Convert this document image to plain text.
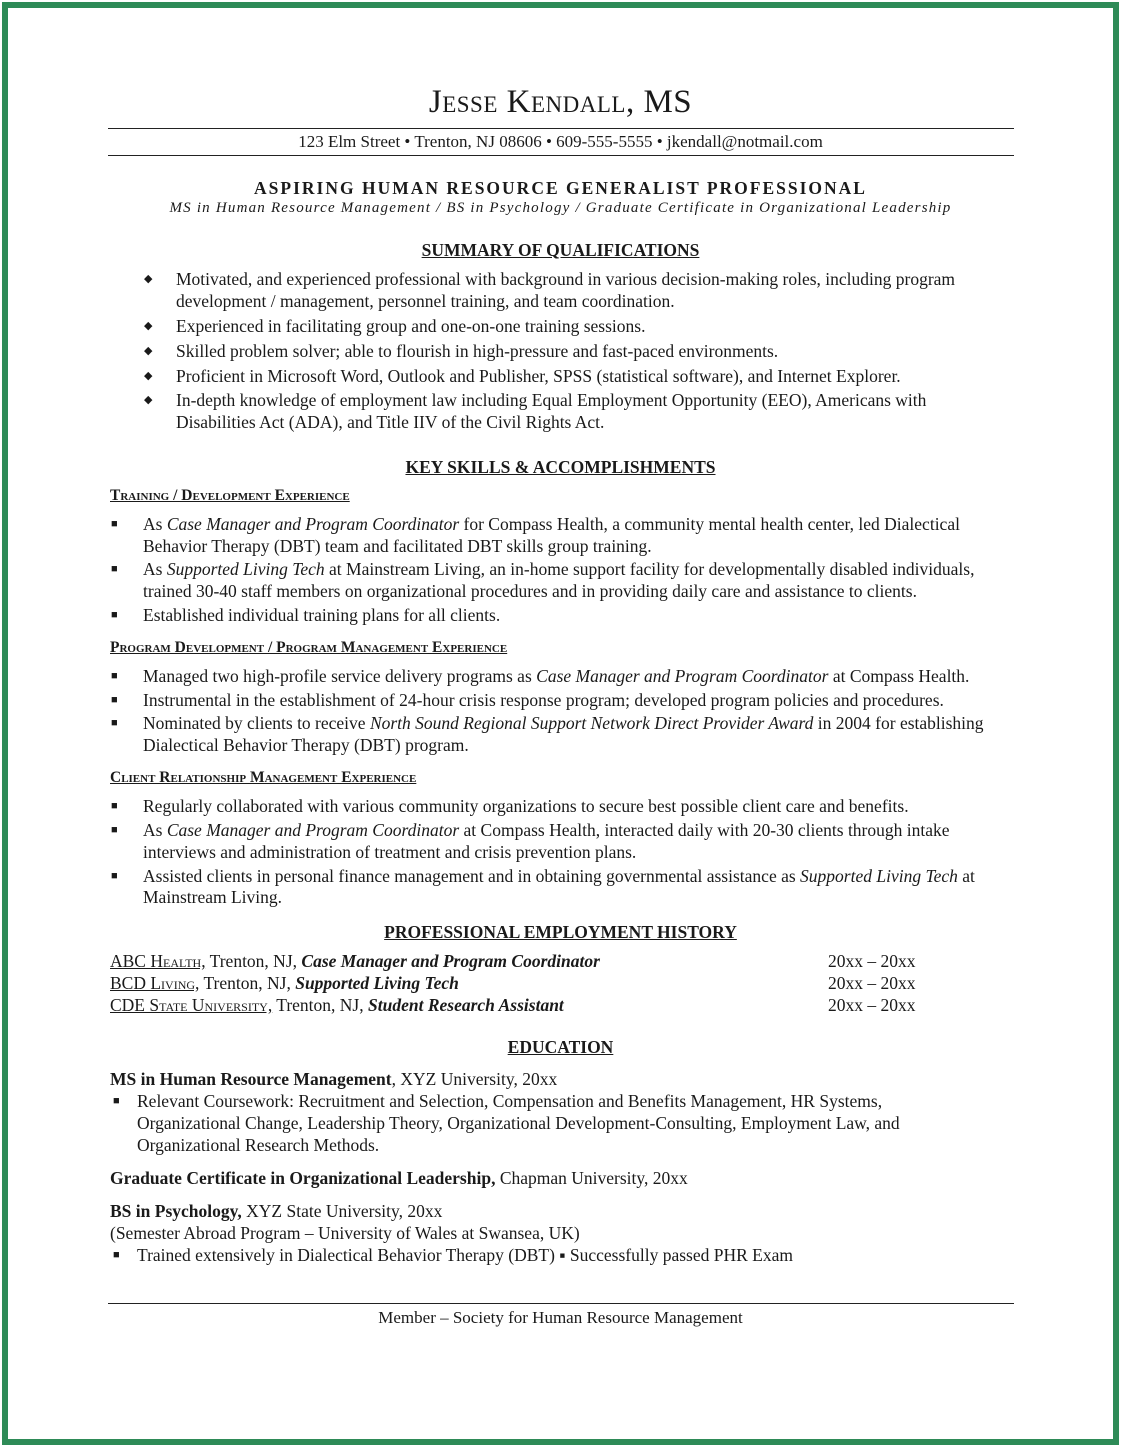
Jesse Kendall, MS
123 Elm Street • Trenton, NJ 08606 • 609-555-5555 • jkendall@notmail.com
ASPIRING HUMAN RESOURCE GENERALIST PROFESSIONAL
MS in Human Resource Management / BS in Psychology / Graduate Certificate in Organizational Leadership
SUMMARY OF QUALIFICATIONS
◆ Motivated, and experienced professional with background in various decision-making roles, including program
development / management, personnel training, and team coordination.
◆ Experienced in facilitating group and one-on-one training sessions.
◆ Skilled problem solver; able to flourish in high-pressure and fast-paced environments.
◆ Proficient in Microsoft Word, Outlook and Publisher, SPSS (statistical software), and Internet Explorer.
◆ In-depth knowledge of employment law including Equal Employment Opportunity (EEO), Americans with
Disabilities Act (ADA), and Title IIV of the Civil Rights Act.
KEY SKILLS & ACCOMPLISHMENTS
Training / Development Experience
■ As Case Manager and Program Coordinator for Compass Health, a community mental health center, led Dialectical
Behavior Therapy (DBT) team and facilitated DBT skills group training.
■ As Supported Living Tech at Mainstream Living, an in-home support facility for developmentally disabled individuals,
trained 30-40 staff members on organizational procedures and in providing daily care and assistance to clients.
■ Established individual training plans for all clients.
Program Development / Program Management Experience
■ Managed two high-profile service delivery programs as Case Manager and Program Coordinator at Compass Health.
■ Instrumental in the establishment of 24-hour crisis response program; developed program policies and procedures.
■ Nominated by clients to receive North Sound Regional Support Network Direct Provider Award in 2004 for establishing
Dialectical Behavior Therapy (DBT) program.
Client Relationship Management Experience
■ Regularly collaborated with various community organizations to secure best possible client care and benefits.
■ As Case Manager and Program Coordinator at Compass Health, interacted daily with 20-30 clients through intake
interviews and administration of treatment and crisis prevention plans.
■ Assisted clients in personal finance management and in obtaining governmental assistance as Supported Living Tech at
Mainstream Living.
PROFESSIONAL EMPLOYMENT HISTORY
ABC Health, Trenton, NJ, Case Manager and Program Coordinator	20xx – 20xx
BCD Living, Trenton, NJ, Supported Living Tech	20xx – 20xx
CDE State University, Trenton, NJ, Student Research Assistant	20xx – 20xx
EDUCATION
MS in Human Resource Management, XYZ University, 20xx
■ Relevant Coursework: Recruitment and Selection, Compensation and Benefits Management, HR Systems,
Organizational Change, Leadership Theory, Organizational Development-Consulting, Employment Law, and
Organizational Research Methods.
Graduate Certificate in Organizational Leadership, Chapman University, 20xx
BS in Psychology, XYZ State University, 20xx
(Semester Abroad Program – University of Wales at Swansea, UK)
■ Trained extensively in Dialectical Behavior Therapy (DBT) ▪ Successfully passed PHR Exam
Member – Society for Human Resource Management
